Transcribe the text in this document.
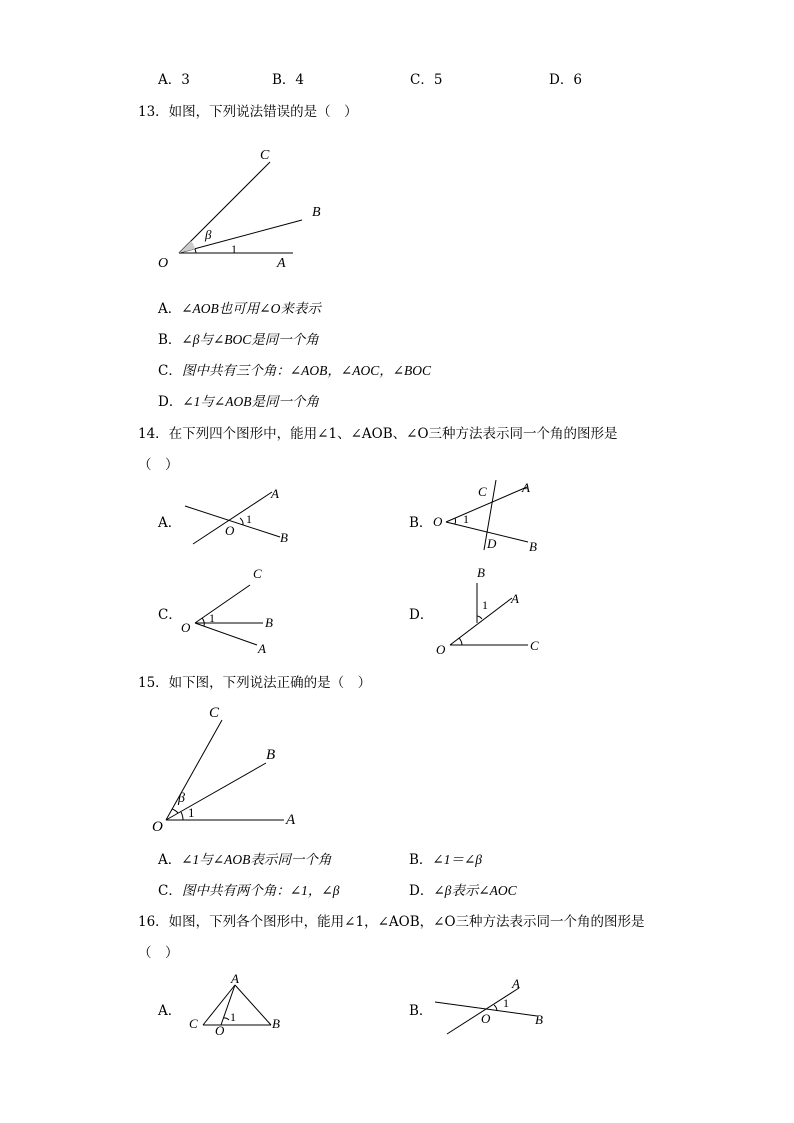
A．3	B．4	C．5	D．6
13．如图，下列说法错误的是（　）
C
B
β
1
O	A
A．∠AOB也可用∠O来表示
B．∠β与∠BOC是同一个角
C．图中共有三个角：∠AOB，∠AOC，∠BOC
D．∠1与∠AOB是同一个角
14．在下列四个图形中，能用∠1、∠AOB、∠O三种方法表示同一个角的图形是
（　）
A．
A
O
1
B
B．
C	A
O 1
D	B
C．
C
O
1	B
A
D．
B
1 A
O	C
15．如下图，下列说法正确的是（　）
C
B
β
1
O	A
A．∠1与∠AOB表示同一个角	B．∠1＝∠β
C．图中共有两个角：∠1，∠β	D．∠β表示∠AOC
16．如图，下列各个图形中，能用∠1，∠AOB，∠O三种方法表示同一个角的图形是
（　）
A．
A
C	1
O	B
B．
A
1
O	B
